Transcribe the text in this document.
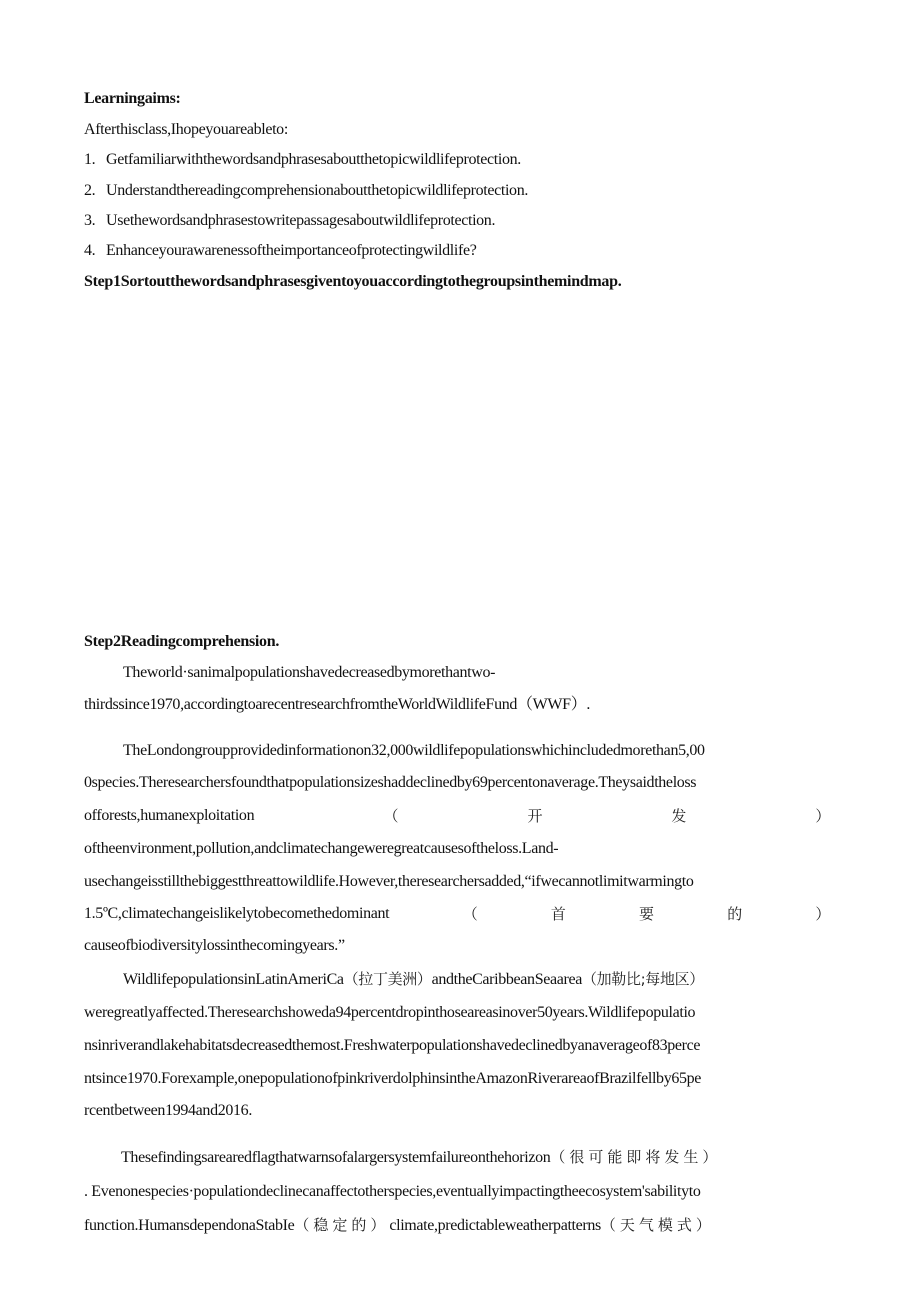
Learningaims:
Afterthisclass,Ihopeyouareableto:
1. Getfamiliarwiththewordsandphrasesaboutthetopicwildlifeprotection.
2. Understandthereadingcomprehensionaboutthetopicwildlifeprotection.
3. Usethewordsandphrasestowritepassagesaboutwildlifeprotection.
4. Enhanceyourawarenessoftheimportanceofprotectingwildlife?
Step1Sortoutthewordsandphrasesgiventoyouaccordingtothegroupsinthemindmap.
Step2Readingcomprehension.
Theworld·sanimalpopulationshavedecreasedbymorethantwo-
thirdssince1970,accordingtoarecentresearchfromtheWorldWildlifeFund（WWF）.
TheLondongroupprovidedinformationon32,000wildlifepopulationswhichincludedmorethan5,00
0species.Theresearchersfoundthatpopulationsizeshaddeclinedby69percentonaverage.Theysaidtheloss
offorests,humanexploitation	（	开	发	）
oftheenvironment,pollution,andclimatechangeweregreatcausesoftheloss.Land-
usechangeisstillthebiggestthreattowildlife.However,theresearchersadded,“ifwecannotlimitwarmingto
1.5ºC,climatechangeislikelytobecomethedominant	（	首	要	的	）
causeofbiodiversitylossinthecomingyears.”
WildlifepopulationsinLatinAmeriCa（拉丁美洲）andtheCaribbeanSeaarea（加勒比;每地区）
weregreatlyaffected.Theresearchshoweda94percentdropinthoseareasinover50years.Wildlifepopulatio
nsinriverandlakehabitatsdecreasedthemost.Freshwaterpopulationshavedeclinedbyanaverageof83perce
ntsince1970.Forexample,onepopulationofpinkriverdolphinsintheAmazonRiverareaofBrazilfellby65pe
rcentbetween1994and2016.
Thesefindingsarearedflagthatwarnsofalargersystemfailureonthehorizon（很可能即将发生）
. Evenonespecies·populationdeclinecanaffectotherspecies,eventuallyimpactingtheecosystem'sabilityto
function.HumansdependonaStabIe（稳定的）climate,predictableweatherpatterns（天气模式）
